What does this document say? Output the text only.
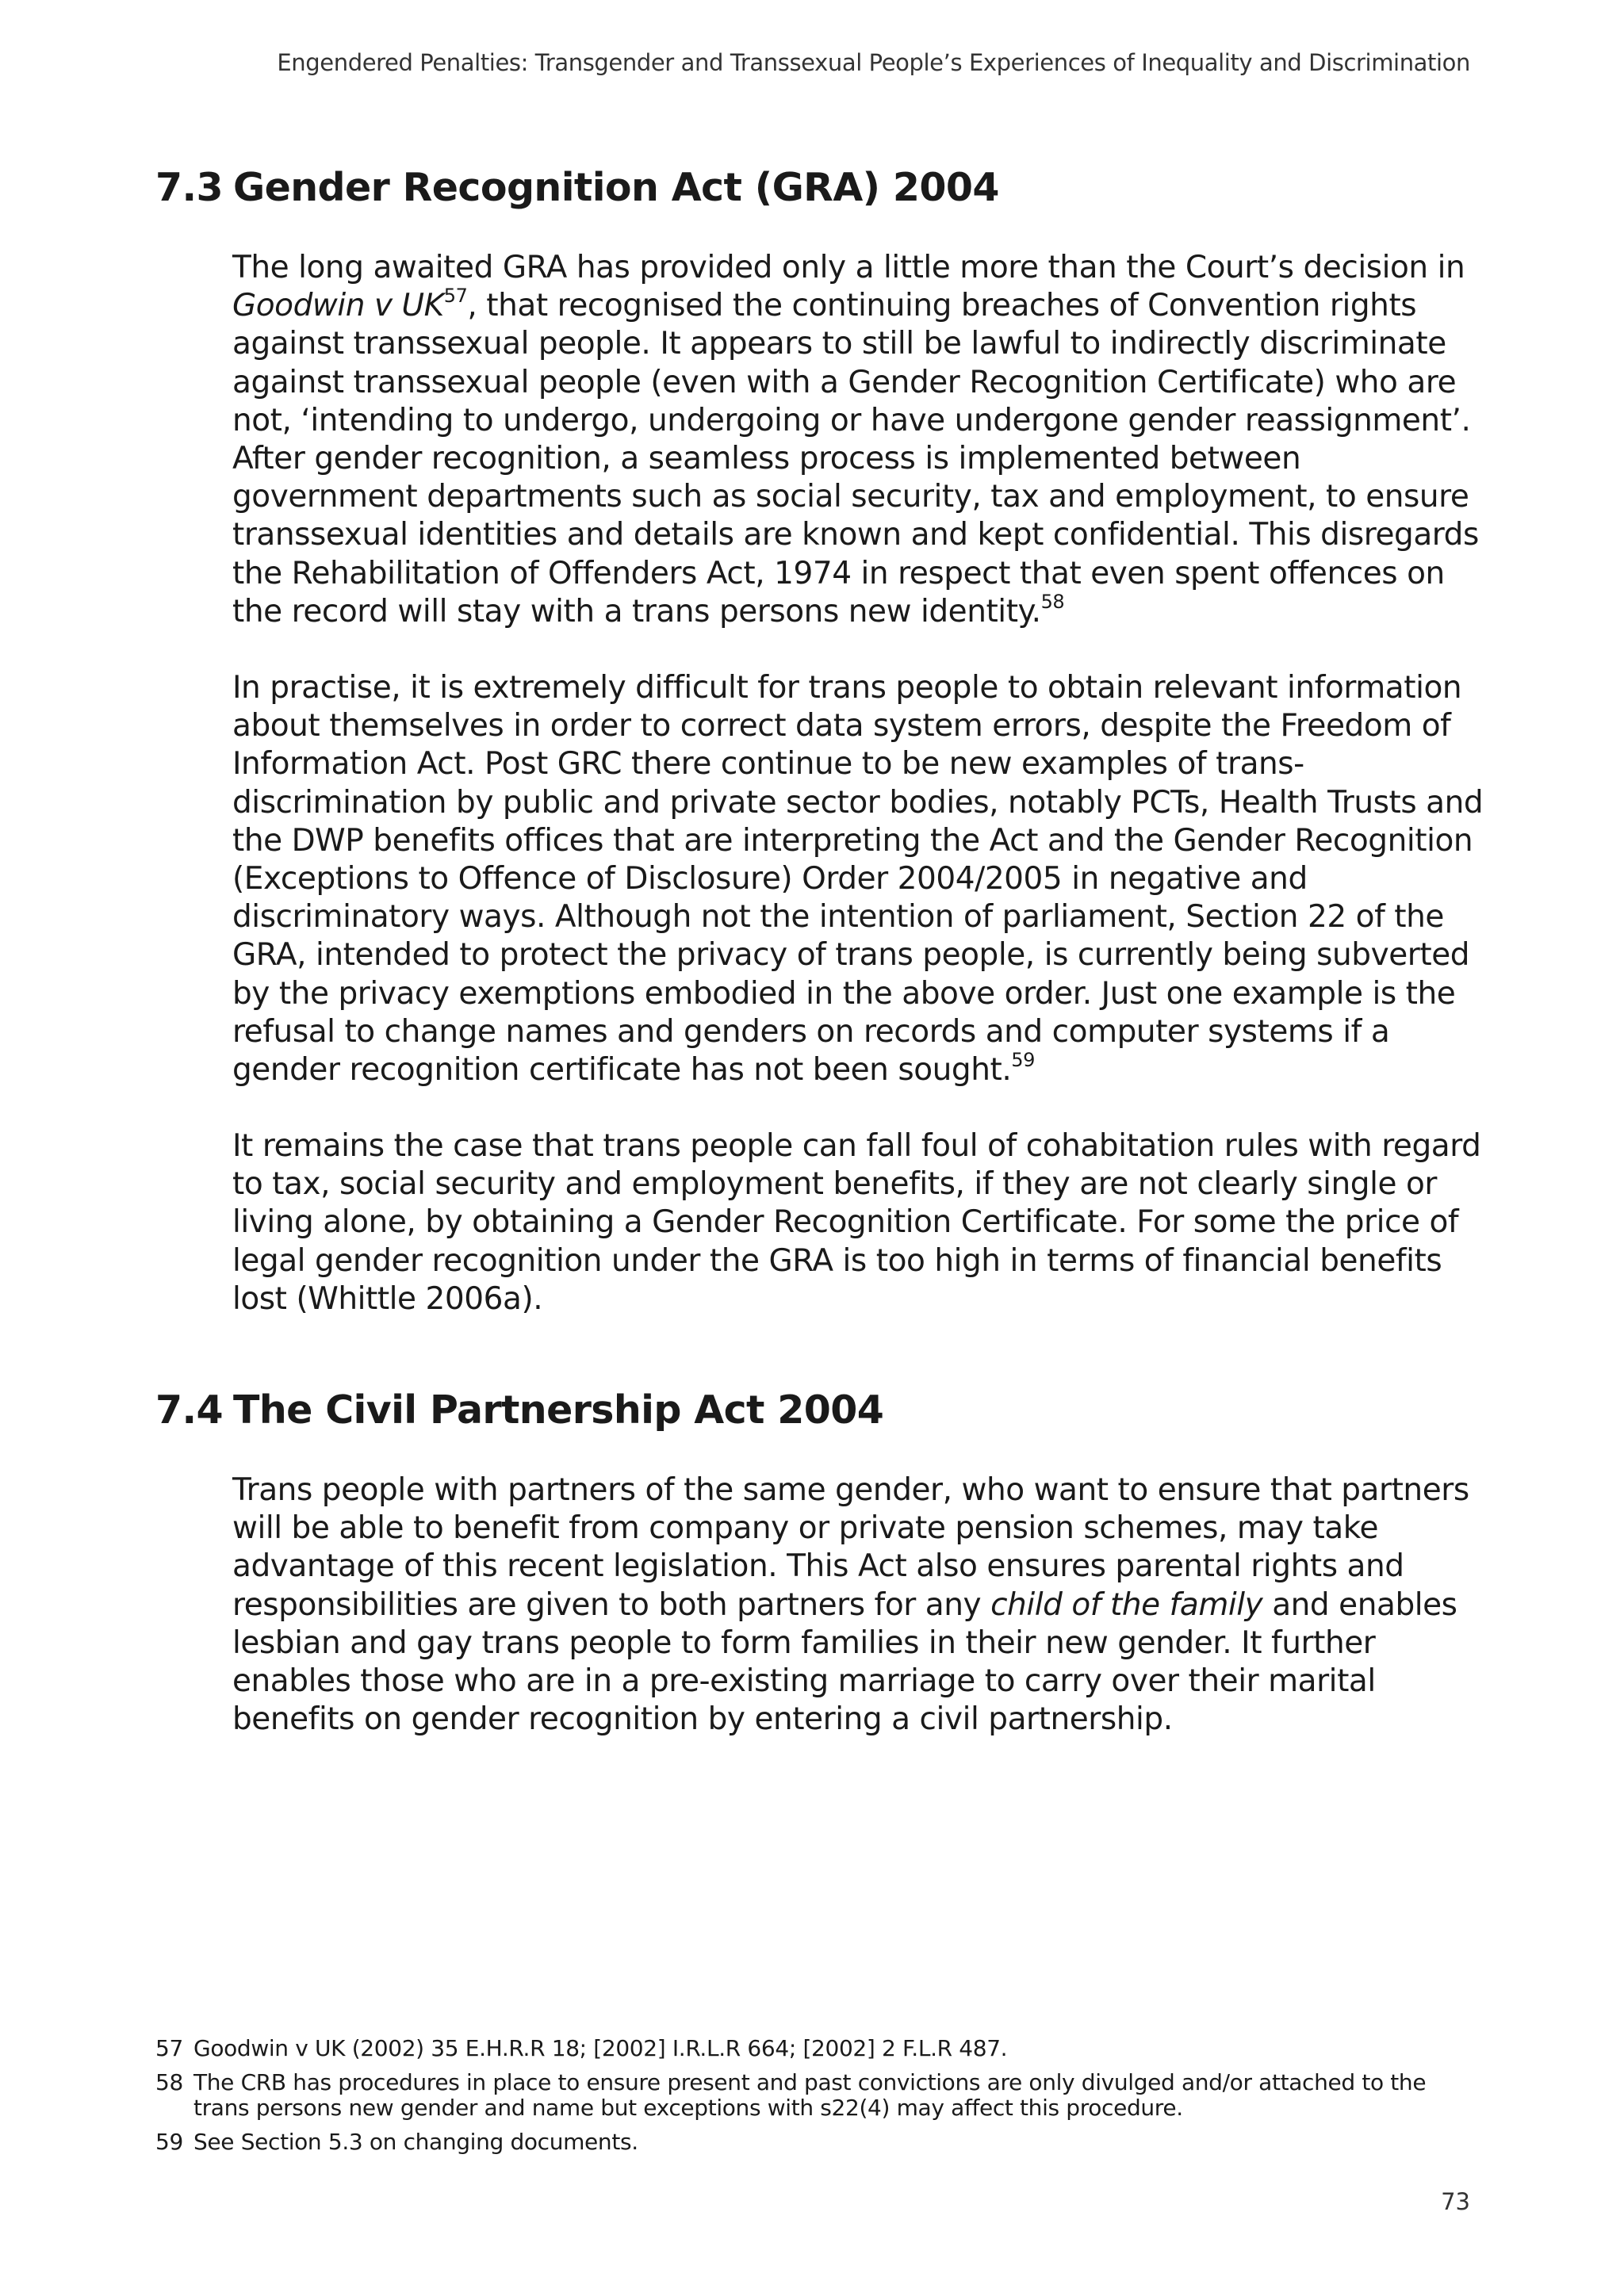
Engendered Penalties: Transgender and Transsexual People’s Experiences of Inequality and Discrimination
7.3 Gender Recognition Act (GRA) 2004

The long awaited GRA has provided only a little more than the Court’s decision in
Goodwin v UK$^{57}$, that recognised the continuing breaches of Convention rights
against transsexual people. It appears to still be lawful to indirectly discriminate
against transsexual people (even with a Gender Recognition Certificate) who are
not, ‘intending to undergo, undergoing or have undergone gender reassignment’.
After gender recognition, a seamless process is implemented between
government departments such as social security, tax and employment, to ensure
transsexual identities and details are known and kept confidential. This disregards
the Rehabilitation of Offenders Act, 1974 in respect that even spent offences on
the record will stay with a trans persons new identity.$^{58}$

In practise, it is extremely difficult for trans people to obtain relevant information
about themselves in order to correct data system errors, despite the Freedom of
Information Act. Post GRC there continue to be new examples of trans-
discrimination by public and private sector bodies, notably PCTs, Health Trusts and
the DWP benefits offices that are interpreting the Act and the Gender Recognition
(Exceptions to Offence of Disclosure) Order 2004/2005 in negative and
discriminatory ways. Although not the intention of parliament, Section 22 of the
GRA, intended to protect the privacy of trans people, is currently being subverted
by the privacy exemptions embodied in the above order. Just one example is the
refusal to change names and genders on records and computer systems if a
gender recognition certificate has not been sought.$^{59}$

It remains the case that trans people can fall foul of cohabitation rules with regard
to tax, social security and employment benefits, if they are not clearly single or
living alone, by obtaining a Gender Recognition Certificate. For some the price of
legal gender recognition under the GRA is too high in terms of financial benefits
lost (Whittle 2006a).

7.4 The Civil Partnership Act 2004

Trans people with partners of the same gender, who want to ensure that partners
will be able to benefit from company or private pension schemes, may take
advantage of this recent legislation. This Act also ensures parental rights and
responsibilities are given to both partners for any child of the family and enables
lesbian and gay trans people to form families in their new gender. It further
enables those who are in a pre-existing marriage to carry over their marital
benefits on gender recognition by entering a civil partnership.

57 Goodwin v UK (2002) 35 E.H.R.R 18; [2002] I.R.L.R 664; [2002] 2 F.L.R 487.
58 The CRB has procedures in place to ensure present and past convictions are only divulged and/or attached to the
trans persons new gender and name but exceptions with s22(4) may affect this procedure.
59 See Section 5.3 on changing documents.
73
